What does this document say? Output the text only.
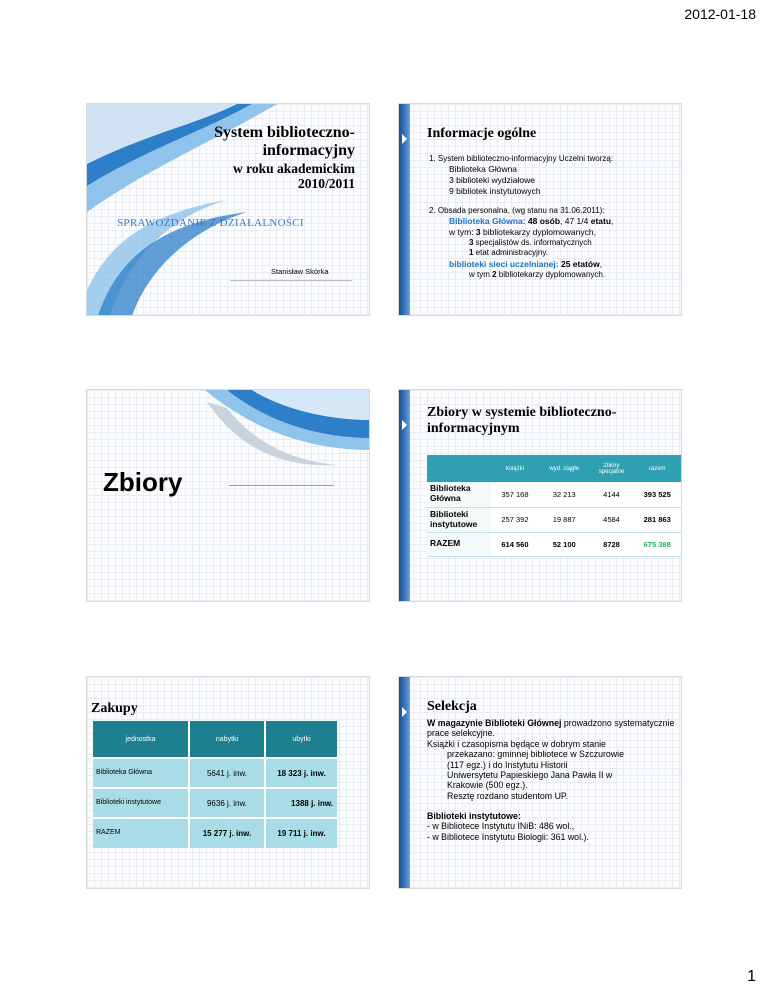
2012-01-18
System biblioteczno-
informacyjny
w roku akademickim
2010/2011
SPRAWOZDANIE Z DZIAŁALNOŚCI
Stanisław Skórka
Informacje ogólne
1. System biblioteczno-informacyjny Uczelni tworzą:
Biblioteka Główna
3 biblioteki wydziałowe
9 bibliotek instytutowych
2. Obsada personalna, (wg stanu na 31.06.2011):
Biblioteka Główna: 48 osób, 47 1/4 etatu,
w tym: 3 bibliotekarzy dyplomowanych,
3 specjalistów ds. informatycznych
1 etat administracyjny.
biblioteki sieci uczelnianej: 25 etatów,
w tym 2 bibliotekarzy dyplomowanych.
Zbiory
Zbiory w systemie biblioteczno-
informacyjnym
	książki	wyd. ciągłe	zbiory specjalne	razem
Biblioteka Główna	357 168	32 213	4144	393 525
Biblioteki instytutowe	257 392	19 887	4584	281 863
RAZEM	614 560	52 100	8728	675 388
Zakupy
jednostka	nabytki	ubytki
Biblioteka Główna	5641 j. inw.	18 323 j. inw.
Biblioteki instytutowe	9636 j. inw.	1388 j. inw.
RAZEM	15 277 j. inw.	19 711 j. inw.
Selekcja
W magazynie Biblioteki Głównej prowadzono systematycznie prace selekcyjne.
Książki i czasopisma będące w dobrym stanie
przekazano: gminnej bibliotece w Szczurowie
(117 egz.) i do Instytutu Historii
Uniwersytetu Papieskiego Jana Pawła II w
Krakowie (500 egz.).
Resztę rozdano studentom UP.
Biblioteki instytutowe:
- w Bibliotece Instytutu INiB: 486 wol.,
- w Bibliotece Instytutu Biologii: 361 wol.).
1
